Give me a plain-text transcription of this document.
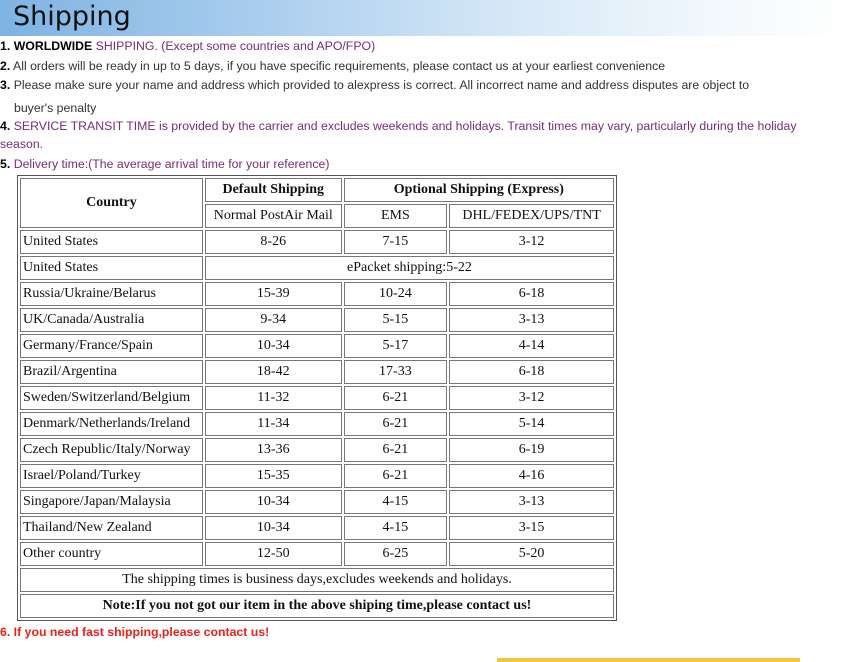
Shipping
1. WORLDWIDE SHIPPING. (Except some countries and APO/FPO)
2. All orders will be ready in up to 5 days, if you have specific requirements, please contact us at your earliest convenience
3. Please make sure your name and address which provided to alexpress is correct. All incorrect name and address disputes are object to
buyer's penalty
4. SERVICE TRANSIT TIME is provided by the carrier and excludes weekends and holidays. Transit times may vary, particularly during the holiday
season.
5. Delivery time:(The average arrival time for your reference)
Country	Default Shipping	Optional Shipping (Express)	
	Normal PostAir Mail	EMS	DHL/FEDEX/UPS/TNT
United States	8-26	7-15	3-12
United States	ePacket shipping:5-22		
Russia/Ukraine/Belarus	15-39	10-24	6-18
UK/Canada/Australia	9-34	5-15	3-13
Germany/France/Spain	10-34	5-17	4-14
Brazil/Argentina	18-42	17-33	6-18
Sweden/Switzerland/Belgium	11-32	6-21	3-12
Denmark/Netherlands/Ireland	11-34	6-21	5-14
Czech Republic/Italy/Norway	13-36	6-21	6-19
Israel/Poland/Turkey	15-35	6-21	4-16
Singapore/Japan/Malaysia	10-34	4-15	3-13
Thailand/New Zealand	10-34	4-15	3-15
Other country	12-50	6-25	5-20
The shipping times is business days,excludes weekends and holidays.			
Note:If you not got our item in the above shiping time,please contact us!			
6. If you need fast shipping,please contact us!
